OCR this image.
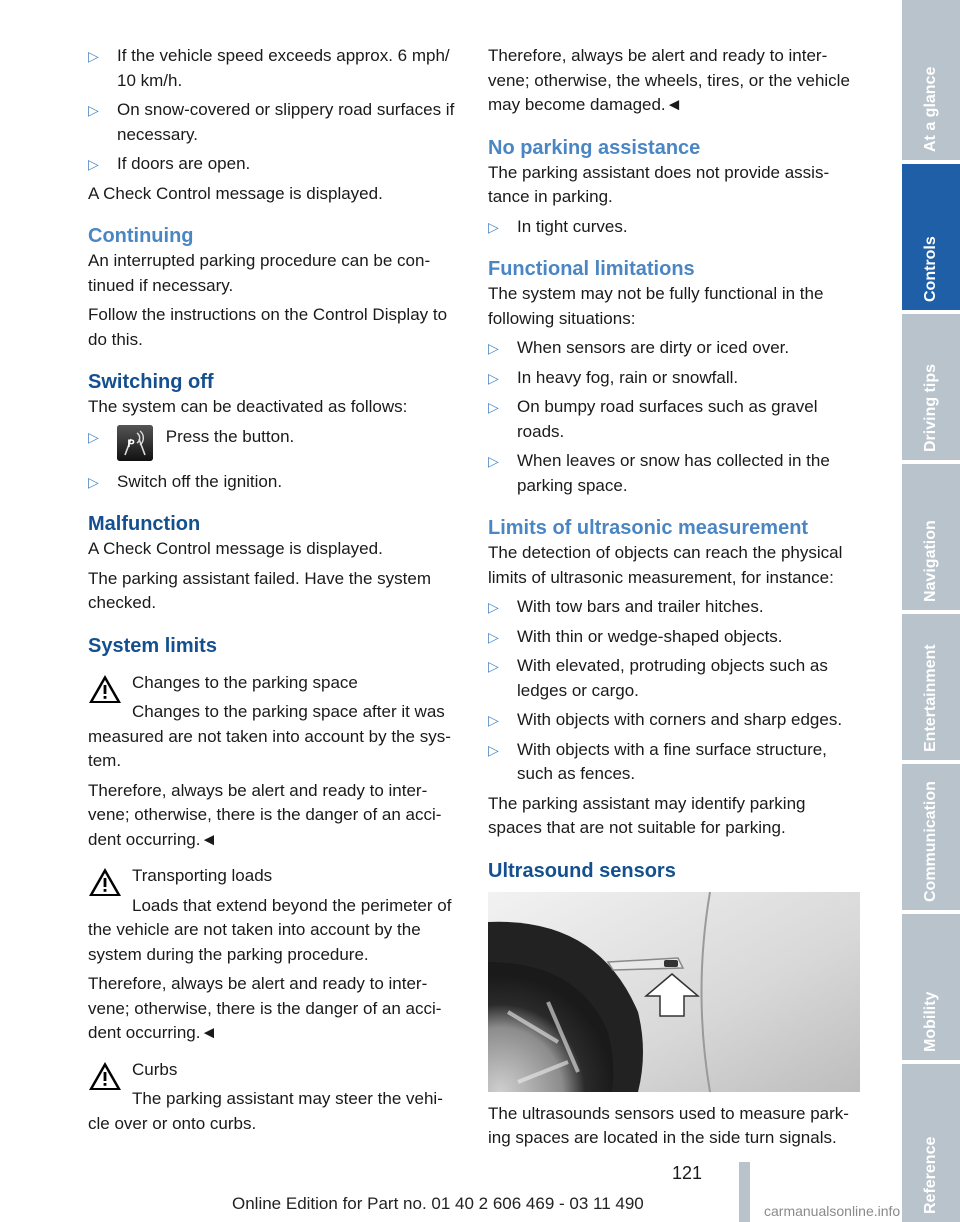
▷ If the vehicle speed exceeds approx. 6 mph/ 10 km/h.
▷ On snow-covered or slippery road surfaces if necessary.
▷ If doors are open.

A Check Control message is displayed.

Continuing

An interrupted parking procedure can be con-tinued if necessary.

Follow the instructions on the Control Display to do this.

Switching off

The system can be deactivated as follows:

▷	P Press the button.
▷ Switch off the ignition.
Malfunction

A Check Control message is displayed.

The parking assistant failed. Have the system checked.

System limits

Changes to the parking space

Changes to the parking space after it was measured are not taken into account by the sys-tem.

Therefore, always be alert and ready to inter-vene; otherwise, there is the danger of an acci-dent occurring.◄

Transporting loads

Loads that extend beyond the perimeter of the vehicle are not taken into account by the system during the parking procedure.

Therefore, always be alert and ready to inter-vene; otherwise, there is the danger of an acci-dent occurring.◄

Curbs

The parking assistant may steer the vehi-cle over or onto curbs.

Therefore, always be alert and ready to inter-vene; otherwise, the wheels, tires, or the vehicle may become damaged.◄

No parking assistance

The parking assistant does not provide assis-tance in parking.

▷ In tight curves.
Functional limitations

The system may not be fully functional in the following situations:

▷ When sensors are dirty or iced over.
▷ In heavy fog, rain or snowfall.
▷ On bumpy road surfaces such as gravel roads.
▷ When leaves or snow has collected in the parking space.
Limits of ultrasonic measurement

The detection of objects can reach the physical limits of ultrasonic measurement, for instance:

▷ With tow bars and trailer hitches.
▷ With thin or wedge-shaped objects.
▷ With elevated, protruding objects such as ledges or cargo.
▷ With objects with corners and sharp edges.
▷ With objects with a fine surface structure, such as fences.

The parking assistant may identify parking spaces that are not suitable for parking.

Ultrasound sensors

The ultrasounds sensors used to measure park-ing spaces are located in the side turn signals.

At a glance
Controls
Driving tips
Navigation
Entertainment
Communication
Mobility
Reference
121
Online Edition for Part no. 01 40 2 606 469 - 03 11 490	carmanualsonline.info
